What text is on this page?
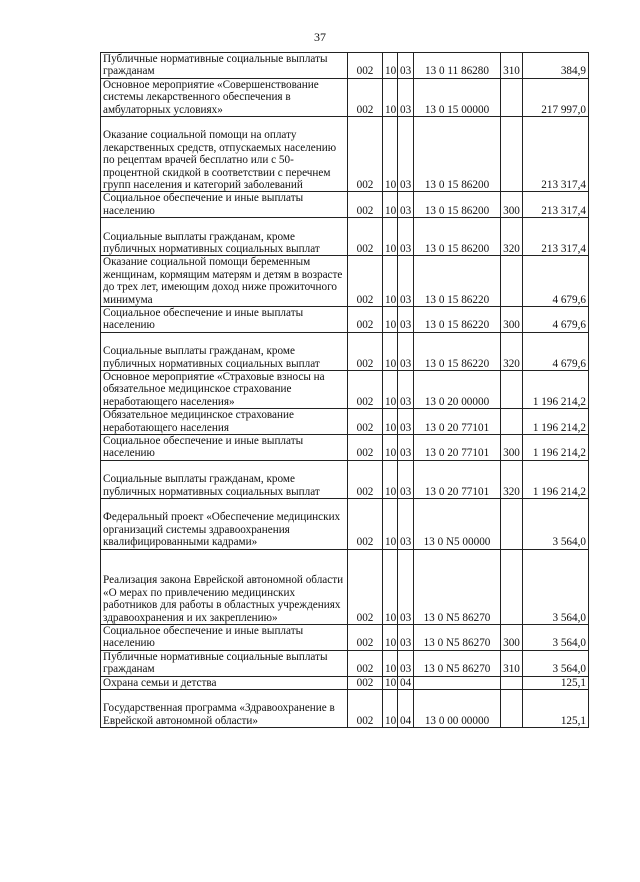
37
Публичные нормативные социальные выплаты гражданам	002	10	03	13 0 11 86280	310	384,9
Основное мероприятие «Совершенствование системы лекарственного обеспечения в амбулаторных условиях»	002	10	03	13 0 15 00000		217 997,0
Оказание социальной помощи на оплату лекарственных средств, отпускаемых населению по рецептам врачей бесплатно или с 50-процентной скидкой в соответствии с перечнем групп населения и категорий заболеваний	002	10	03	13 0 15 86200		213 317,4
Социальное обеспечение и иные выплаты населению	002	10	03	13 0 15 86200	300	213 317,4
Социальные выплаты гражданам, кроме публичных нормативных социальных выплат	002	10	03	13 0 15 86200	320	213 317,4
Оказание социальной помощи беременным женщинам, кормящим матерям и детям в возрасте до трех лет, имеющим доход ниже прожиточного минимума	002	10	03	13 0 15 86220		4 679,6
Социальное обеспечение и иные выплаты населению	002	10	03	13 0 15 86220	300	4 679,6
Социальные выплаты гражданам, кроме публичных нормативных социальных выплат	002	10	03	13 0 15 86220	320	4 679,6
Основное мероприятие «Страховые взносы на обязательное медицинское страхование неработающего населения»	002	10	03	13 0 20 00000		1 196 214,2
Обязательное медицинское страхование неработающего населения	002	10	03	13 0 20 77101		1 196 214,2
Социальное обеспечение и иные выплаты населению	002	10	03	13 0 20 77101	300	1 196 214,2
Социальные выплаты гражданам, кроме публичных нормативных социальных выплат	002	10	03	13 0 20 77101	320	1 196 214,2
Федеральный проект «Обеспечение медицинских организаций системы здравоохранения квалифицированными кадрами»	002	10	03	13 0 N5 00000		3 564,0
Реализация закона Еврейской автономной области «О мерах по привлечению медицинских работников для работы в областных учреждениях здравоохранения и их закреплению»	002	10	03	13 0 N5 86270		3 564,0
Социальное обеспечение и иные выплаты населению	002	10	03	13 0 N5 86270	300	3 564,0
Публичные нормативные социальные выплаты гражданам	002	10	03	13 0 N5 86270	310	3 564,0
Охрана семьи и детства	002	10	04			125,1
Государственная программа «Здравоохранение в Еврейской автономной области»	002	10	04	13 0 00 00000		125,1
